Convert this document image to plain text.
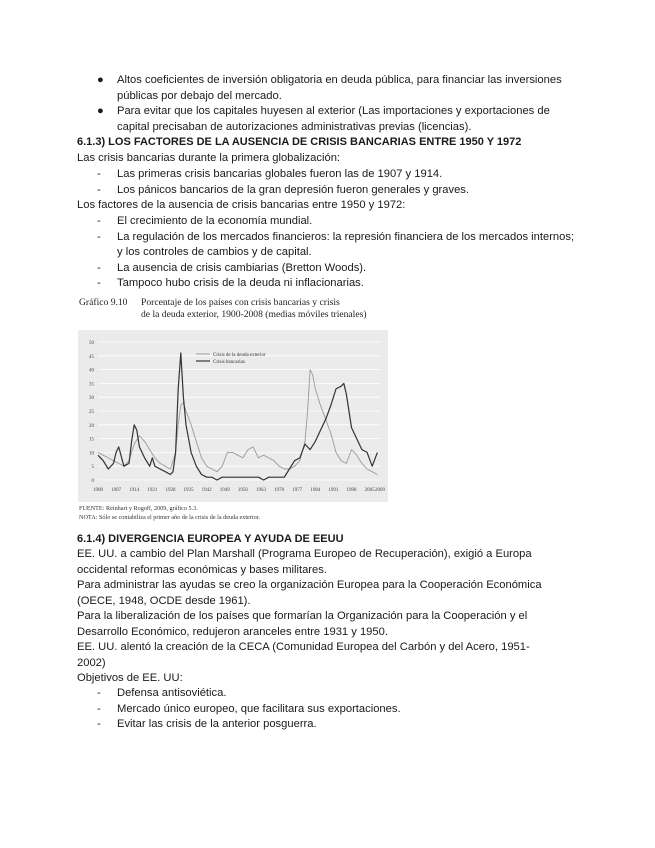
●	Altos coeficientes de inversión obligatoria en deuda pública, para financiar las inversiones públicas por debajo del mercado.
●	Para evitar que los capitales huyesen al exterior (Las importaciones y exportaciones de capital precisaban de autorizaciones administrativas previas (licencias).
6.1.3) LOS FACTORES DE LA AUSENCIA DE CRISIS BANCARIAS ENTRE 1950 Y 1972
Las crisis bancarias durante la primera globalización:
-	Las primeras crisis bancarias globales fueron las de 1907 y 1914.
-	Los pánicos bancarios de la gran depresión fueron generales y graves.
Los factores de la ausencia de crisis bancarias entre 1950 y 1972:
-	El crecimiento de la economía mundial.
-	La regulación de los mercados financieros: la represión financiera de los mercados internos; y los controles de cambios y de capital.
-	La ausencia de crisis cambiarias (Bretton Woods).
-	Tampoco hubo crisis de la deuda ni inflacionarias.
Gráfico 9.10 Porcentaje de los países con crisis bancarias y crisis
de la deuda exterior, 1900-2008 (medias móviles trienales)
0
5
10
15
20
25
30
35
40
45
50
1900 1907 1914 1921 1928 1935 1942 1949 1956 1963 1970 1977 1984 1991 1998 2005 2009
Crisis de la deuda exterior
Crisis bancarias
FUENTE: Reinhart y Rogoff, 2009, gráfico 5.3.
NOTA: Sólo se contabiliza el primer año de la crisis de la deuda exterior.
6.1.4) DIVERGENCIA EUROPEA Y AYUDA DE EEUU
EE. UU. a cambio del Plan Marshall (Programa Europeo de Recuperación), exigió a Europa occidental reformas económicas y bases militares.
Para administrar las ayudas se creo la organización Europea para la Cooperación Económica (OECE, 1948, OCDE desde 1961).
Para la liberalización de los países que formarían la Organización para la Cooperación y el Desarrollo Económico, redujeron aranceles entre 1931 y 1950.
EE. UU. alentó la creación de la CECA (Comunidad Europea del Carbón y del Acero, 1951-2002)
Objetivos de EE. UU:
-	Defensa antisoviética.
-	Mercado único europeo, que facilitara sus exportaciones.
-	Evitar las crisis de la anterior posguerra.
